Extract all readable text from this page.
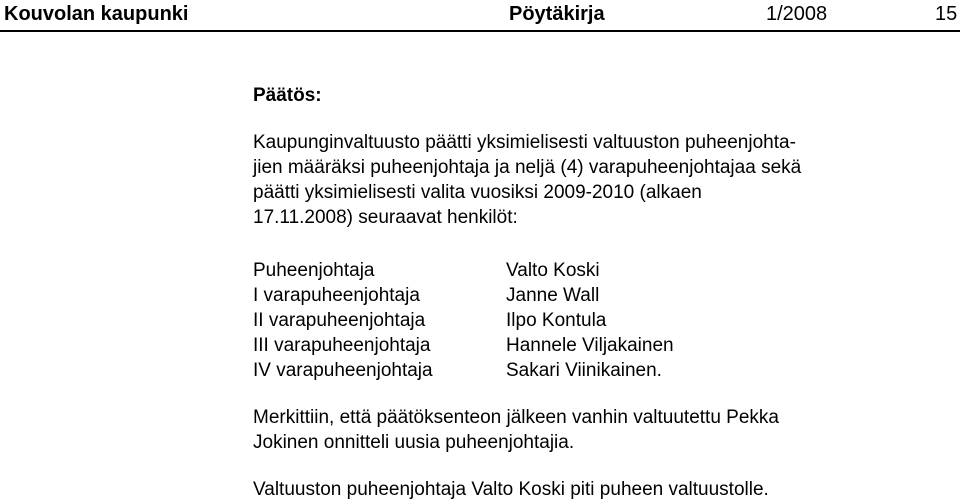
Kouvolan kaupunki	Pöytäkirja	1/2008	15
Päätös:
Kaupunginvaltuusto päätti yksimielisesti valtuuston puheenjohta-
jien määräksi puheenjohtaja ja neljä (4) varapuheenjohtajaa sekä
päätti yksimielisesti valita vuosiksi 2009-2010 (alkaen
17.11.2008) seuraavat henkilöt:
Puheenjohtaja	Valto Koski
I varapuheenjohtaja	Janne Wall
II varapuheenjohtaja	Ilpo Kontula
III varapuheenjohtaja	Hannele Viljakainen
IV varapuheenjohtaja	Sakari Viinikainen.
Merkittiin, että päätöksenteon jälkeen vanhin valtuutettu Pekka
Jokinen onnitteli uusia puheenjohtajia.
Valtuuston puheenjohtaja Valto Koski piti puheen valtuustolle.
